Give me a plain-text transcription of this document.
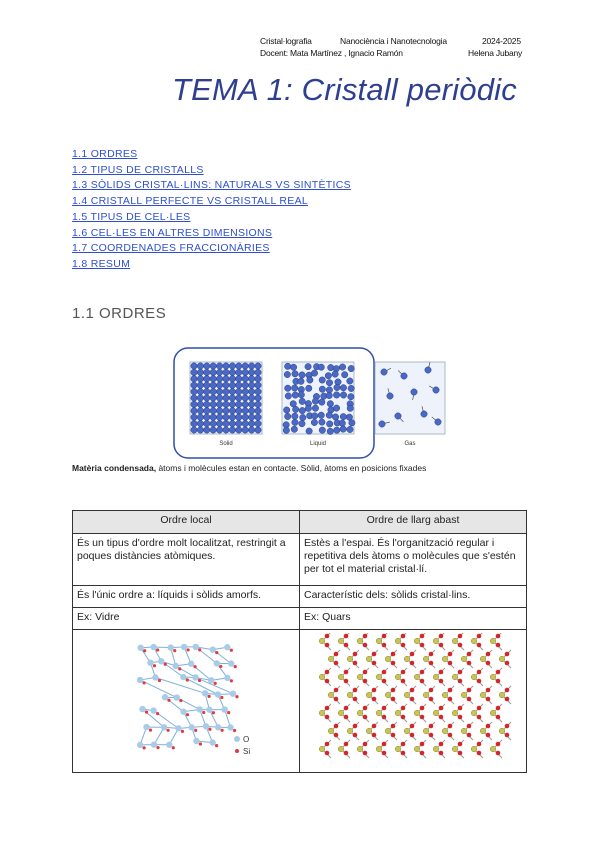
Cristal·lografia	Nanociència i Nanotecnologia	2024-2025
Docent: Mata Martínez , Ignacio Ramón	Helena Jubany
TEMA 1: Cristall periòdic
1.1 ORDRES
1.2 TIPUS DE CRISTALLS
1.3 SÒLIDS CRISTAL·LINS: NATURALS VS SINTÈTICS
1.4 CRISTALL PERFECTE VS CRISTALL REAL
1.5 TIPUS DE CEL·LES
1.6 CEL·LES EN ALTRES DIMENSIONS
1.7 COORDENADES FRACCIONÀRIES
1.8 RESUM
1.1 ORDRES
Solid	Liquid	Gas
Matèria condensada, àtoms i molècules estan en contacte. Sòlid, àtoms en posicions fixades
Ordre local	Ordre de llarg abast
És un tipus d'ordre molt localitzat, restringit a poques distàncies atòmiques.	Estès a l'espai. És l'organització regular i repetitiva dels àtoms o molècules que s'estén per tot el material cristal·lí.
És l'únic ordre a: líquids i sòlids amorfs.	Característic dels: sòlids cristal·lins.
Ex: Vidre	Ex: Quars

O
Si
